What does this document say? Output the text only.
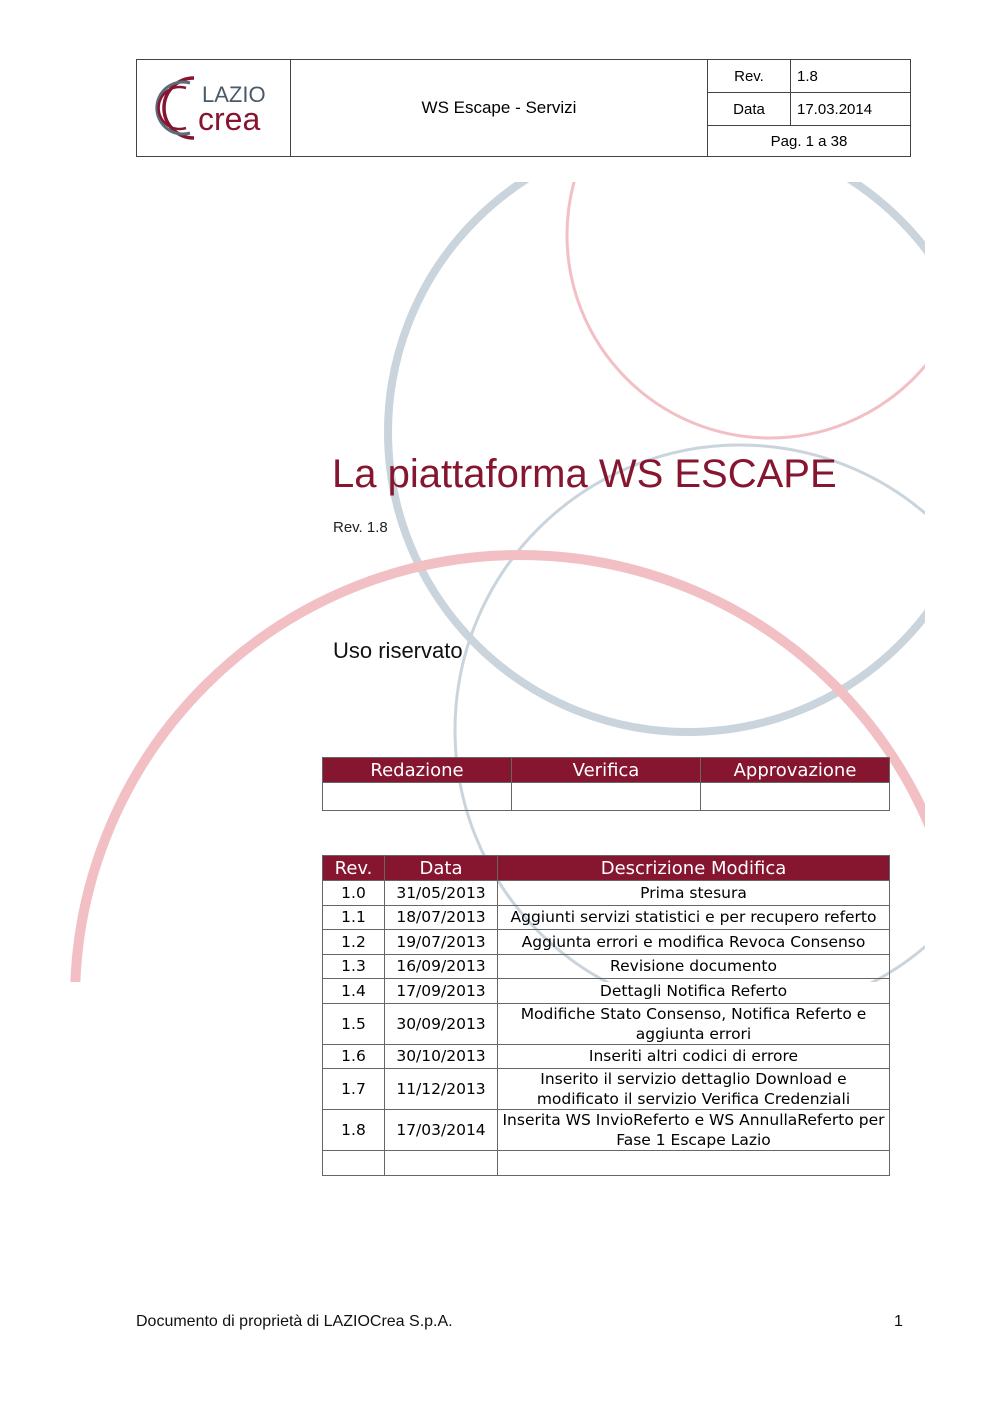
LAZIO
crea	WS Escape - Servizi	Rev.	1.8
		Data	17.03.2014
		Pag. 1 a 38	
La piattaforma WS ESCAPE
Rev. 1.8
Uso riservato
Redazione	Verifica	Approvazione

Rev.	Data	Descrizione Modifica
1.0	31/05/2013	Prima stesura
1.1	18/07/2013	Aggiunti servizi statistici e per recupero referto
1.2	19/07/2013	Aggiunta errori e modifica Revoca Consenso
1.3	16/09/2013	Revisione documento
1.4	17/09/2013	Dettagli Notifica Referto
1.5	30/09/2013	Modifiche Stato Consenso, Notifica Referto e aggiunta errori
1.6	30/10/2013	Inseriti altri codici di errore
1.7	11/12/2013	Inserito il servizio dettaglio Download e modificato il servizio Verifica Credenziali
1.8	17/03/2014	Inserita WS InvioReferto e WS AnnullaReferto per Fase 1 Escape Lazio

Documento di proprietà di LAZIOCrea S.p.A.	1
